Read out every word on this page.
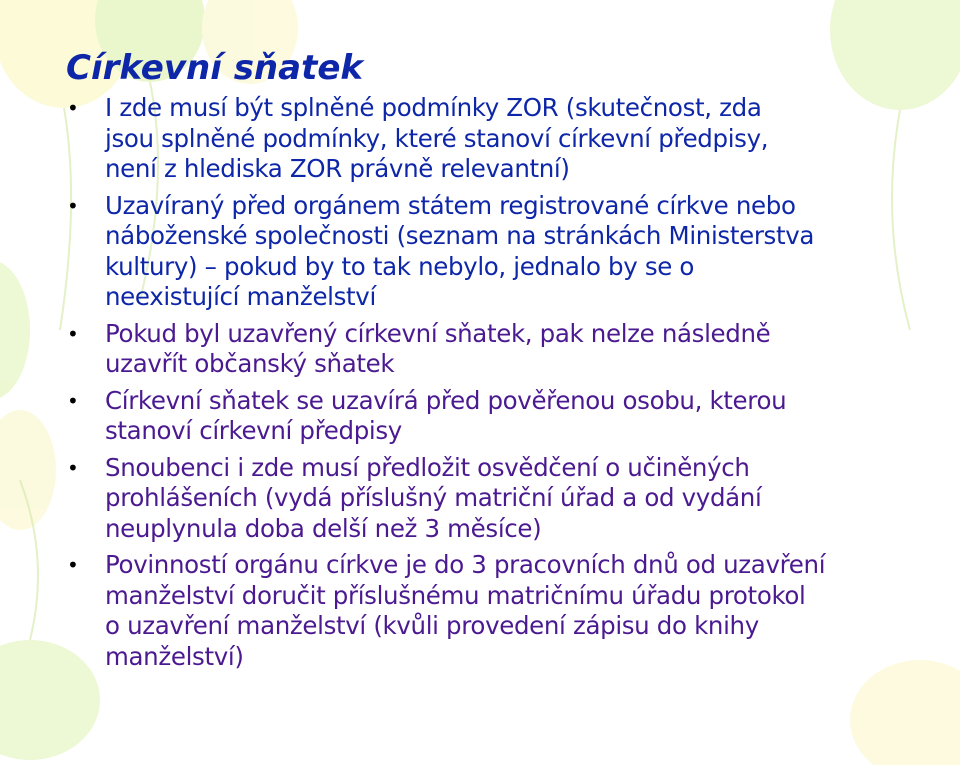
Církevní sňatek
• I zde musí být splněné podmínky ZOR (skutečnost, zda
jsou splněné podmínky, které stanoví církevní předpisy,
není z hlediska ZOR právně relevantní)
• Uzavíraný před orgánem státem registrované církve nebo
náboženské společnosti (seznam na stránkách Ministerstva
kultury) – pokud by to tak nebylo, jednalo by se o
neexistující manželství
• Pokud byl uzavřený církevní sňatek, pak nelze následně
uzavřít občanský sňatek
• Církevní sňatek se uzavírá před pověřenou osobu, kterou
stanoví církevní předpisy
• Snoubenci i zde musí předložit osvědčení o učiněných
prohlášeních (vydá příslušný matriční úřad a od vydání
neuplynula doba delší než 3 měsíce)
• Povinností orgánu církve je do 3 pracovních dnů od uzavření
manželství doručit příslušnému matričnímu úřadu protokol
o uzavření manželství (kvůli provedení zápisu do knihy
manželství)
